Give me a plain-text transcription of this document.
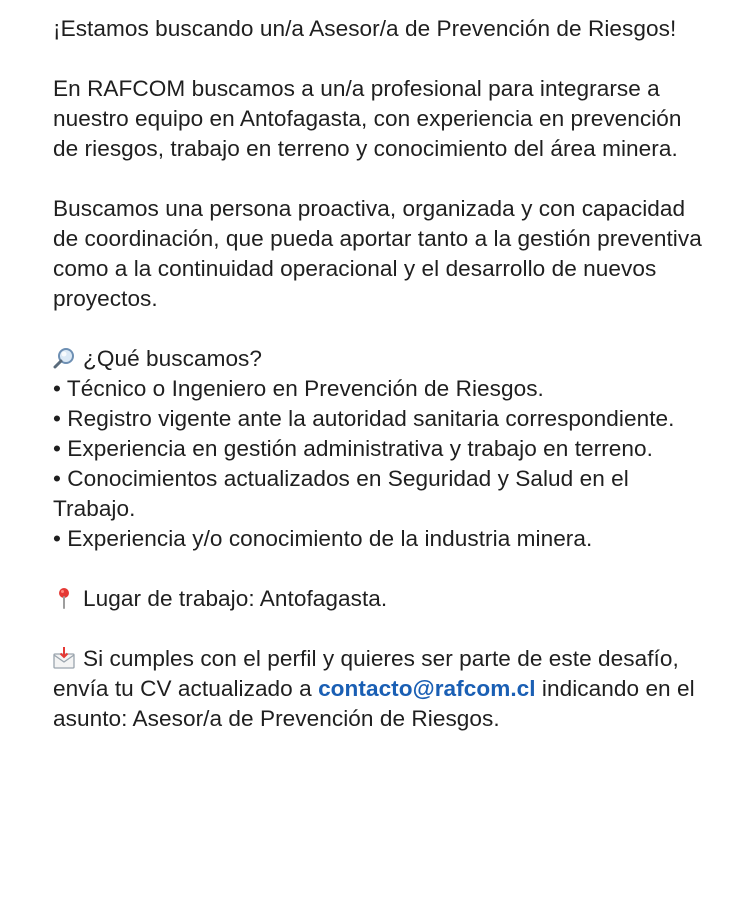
¡Estamos buscando un/a Asesor/a de Prevención de Riesgos!

En RAFCOM buscamos a un/a profesional para integrarse a nuestro equipo en Antofagasta, con experiencia en prevención de riesgos, trabajo en terreno y conocimiento del área minera.

Buscamos una persona proactiva, organizada y con capacidad de coordinación, que pueda aportar tanto a la gestión preventiva como a la continuidad operacional y el desarrollo de nuevos proyectos.

¿Qué buscamos?
• Técnico o Ingeniero en Prevención de Riesgos.
• Registro vigente ante la autoridad sanitaria correspondiente.
• Experiencia en gestión administrativa y trabajo en terreno.
• Conocimientos actualizados en Seguridad y Salud en el Trabajo.
• Experiencia y/o conocimiento de la industria minera.

Lugar de trabajo: Antofagasta.

Si cumples con el perfil y quieres ser parte de este desafío, envía tu CV actualizado a contacto@rafcom.cl indicando en el asunto: Asesor/a de Prevención de Riesgos.
